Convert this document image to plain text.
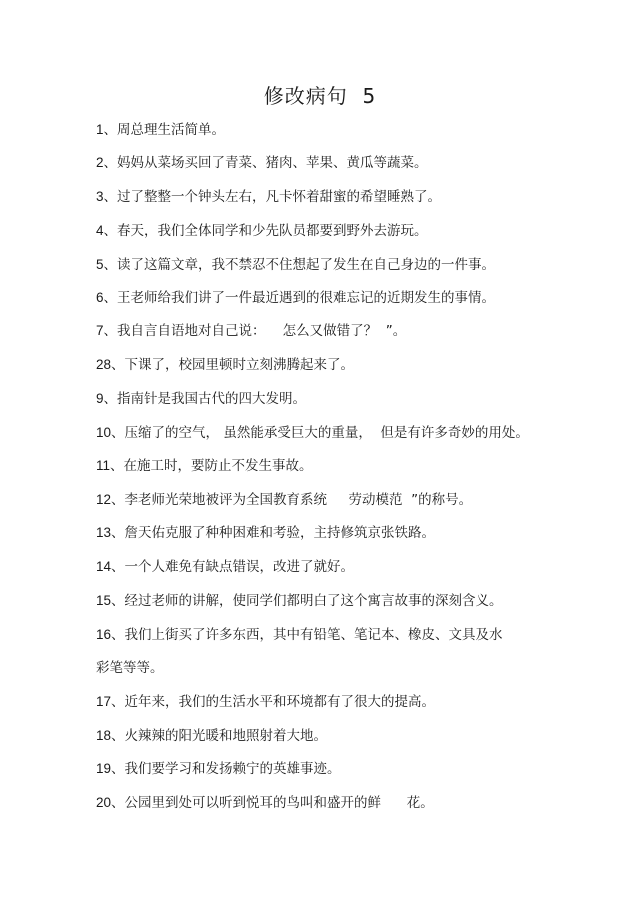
修改病句  5
1、周总理生活简单。
2、妈妈从菜场买回了青菜、猪肉、苹果、黄瓜等蔬菜。
3、过了整整一个钟头左右，凡卡怀着甜蜜的希望睡熟了。
4、春天，我们全体同学和少先队员都要到野外去游玩。
5、读了这篇文章，我不禁忍不住想起了发生在自己身边的一件事。
6、王老师给我们讲了一件最近遇到的很难忘记的近期发生的事情。
7、我自言自语地对自己说：    怎么又做错了？  ”。
28、下课了，校园里顿时立刻沸腾起来了。
9、指南针是我国古代的四大发明。
10、压缩了的空气， 虽然能承受巨大的重量，  但是有许多奇妙的用处。
11、在施工时，要防止不发生事故。
12、李老师光荣地被评为全国教育系统     劳动模范  ”的称号。
13、詹天佑克服了种种困难和考验，主持修筑京张铁路。
14、一个人难免有缺点错误，改进了就好。
15、经过老师的讲解，使同学们都明白了这个寓言故事的深刻含义。
16、我们上街买了许多东西，其中有铅笔、笔记本、橡皮、文具及水
彩笔等等。
17、近年来，我们的生活水平和环境都有了很大的提高。
18、火辣辣的阳光暖和地照射着大地。
19、我们要学习和发扬赖宁的英雄事迹。
20、公园里到处可以听到悦耳的鸟叫和盛开的鲜      花。
